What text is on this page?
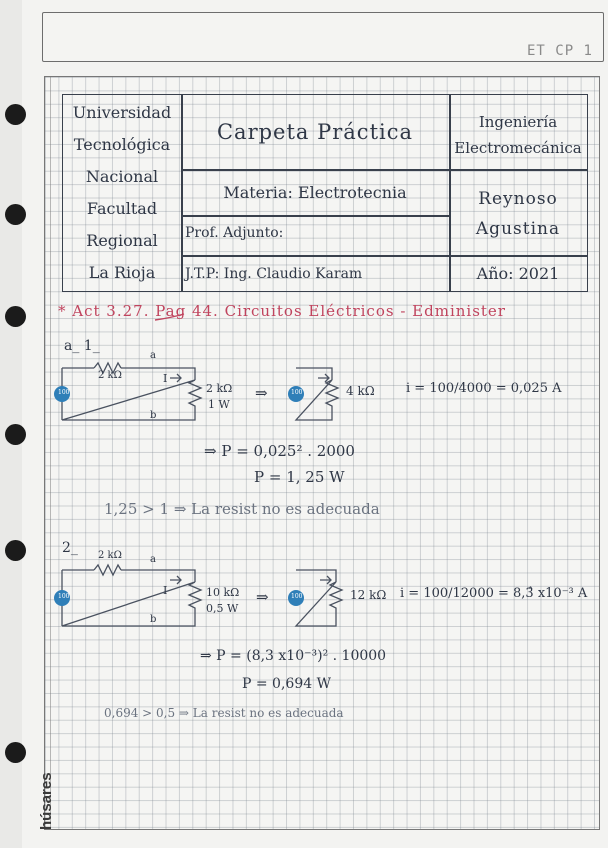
ET CP 1
húsares
Universidad
Tecnológica
Nacional
Facultad
Regional
La Rioja
Carpeta Práctica	Ingeniería
Electromecánica
Materia: Electrotecnia	Reynoso
Agustina
Prof. Adjunto:
J.T.P: Ing. Claudio Karam	Año: 2021
* Act 3.27. Pag 44. Circuitos Eléctricos - Edminister
a_ 1_
2 kΩ
a
b
I
2 kΩ
1 W
⇒
100	100	4 kΩ i = 100/4000 = 0,025 A
⇒ P = 0,025² . 2000
P = 1, 25 W
1,25 > 1 ⇒ La resist no es adecuada
2_ 2 kΩ	a
b
I	10 kΩ
0,5 W
⇒
100	100	12 kΩ i = 100/12000 = 8,3̂ x10⁻³ A
⇒ P = (8,3 x10⁻³)² . 10000
P = 0,694 W
0,694 > 0,5 ⇒ La resist no es adecuada
